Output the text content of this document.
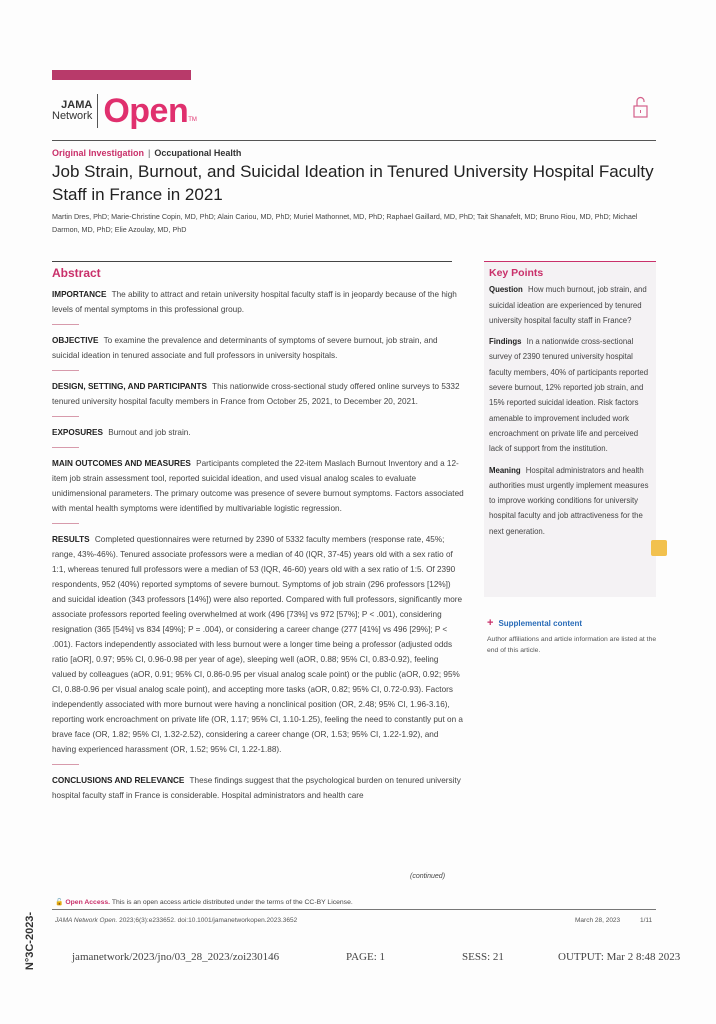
JAMA
Network Open TM
Original Investigation | Occupational Health
Job Strain, Burnout, and Suicidal Ideation in Tenured University Hospital Faculty Staff in France in 2021
Martin Dres, PhD; Marie-Christine Copin, MD, PhD; Alain Cariou, MD, PhD; Muriel Mathonnet, MD, PhD; Raphael Gaillard, MD, PhD; Tait Shanafelt, MD; Bruno Riou, MD, PhD; Michael Darmon, MD, PhD; Elie Azoulay, MD, PhD
Abstract

IMPORTANCE The ability to attract and retain university hospital faculty staff is in jeopardy because of the high levels of mental symptoms in this professional group.

OBJECTIVE To examine the prevalence and determinants of symptoms of severe burnout, job strain, and suicidal ideation in tenured associate and full professors in university hospitals.

DESIGN, SETTING, AND PARTICIPANTS This nationwide cross-sectional study offered online surveys to 5332 tenured university hospital faculty members in France from October 25, 2021, to December 20, 2021.

EXPOSURES Burnout and job strain.

MAIN OUTCOMES AND MEASURES Participants completed the 22-item Maslach Burnout Inventory and a 12-item job strain assessment tool, reported suicidal ideation, and used visual analog scales to evaluate unidimensional parameters. The primary outcome was presence of severe burnout symptoms. Factors associated with mental health symptoms were identified by multivariable logistic regression.

RESULTS Completed questionnaires were returned by 2390 of 5332 faculty members (response rate, 45%; range, 43%-46%). Tenured associate professors were a median of 40 (IQR, 37-45) years old with a sex ratio of 1:1, whereas tenured full professors were a median of 53 (IQR, 46-60) years old with a sex ratio of 1:5. Of 2390 respondents, 952 (40%) reported symptoms of severe burnout. Symptoms of job strain (296 professors [12%]) and suicidal ideation (343 professors [14%]) were also reported. Compared with full professors, significantly more associate professors reported feeling overwhelmed at work (496 [73%] vs 972 [57%]; P < .001), considering resignation (365 [54%] vs 834 [49%]; P = .004), or considering a career change (277 [41%] vs 496 [29%]; P < .001). Factors independently associated with less burnout were a longer time being a professor (adjusted odds ratio [aOR], 0.97; 95% CI, 0.96-0.98 per year of age), sleeping well (aOR, 0.88; 95% CI, 0.83-0.92), feeling valued by colleagues (aOR, 0.91; 95% CI, 0.86-0.95 per visual analog scale point) or the public (aOR, 0.92; 95% CI, 0.88-0.96 per visual analog scale point), and accepting more tasks (aOR, 0.82; 95% CI, 0.72-0.93). Factors independently associated with more burnout were having a nonclinical position (OR, 2.48; 95% CI, 1.96-3.16), reporting work encroachment on private life (OR, 1.17; 95% CI, 1.10-1.25), feeling the need to constantly put on a brave face (OR, 1.82; 95% CI, 1.32-2.52), considering a career change (OR, 1.53; 95% CI, 1.22-1.92), and having experienced harassment (OR, 1.52; 95% CI, 1.22-1.88).

CONCLUSIONS AND RELEVANCE These findings suggest that the psychological burden on tenured university hospital faculty staff in France is considerable. Hospital administrators and health care

(continued)
Key Points

Question How much burnout, job strain, and suicidal ideation are experienced by tenured university hospital faculty staff in France?

Findings In a nationwide cross-sectional survey of 2390 tenured university hospital faculty members, 40% of participants reported severe burnout, 12% reported job strain, and 15% reported suicidal ideation. Risk factors amenable to improvement included work encroachment on private life and perceived lack of support from the institution.

Meaning Hospital administrators and health authorities must urgently implement measures to improve working conditions for university hospital faculty and job attractiveness for the next generation.

+ Supplemental content
Author affiliations and article information are listed at the end of this article.
🔓 Open Access. This is an open access article distributed under the terms of the CC-BY License.
JAMA Network Open. 2023;6(3):e233652. doi:10.1001/jamanetworkopen.2023.3652	March 28, 2023	1/11
N°3C-2023-	jamanetwork/2023/jno/03_28_2023/zoi230146	PAGE: 1	SESS: 21	OUTPUT: Mar 2 8:48 2023
